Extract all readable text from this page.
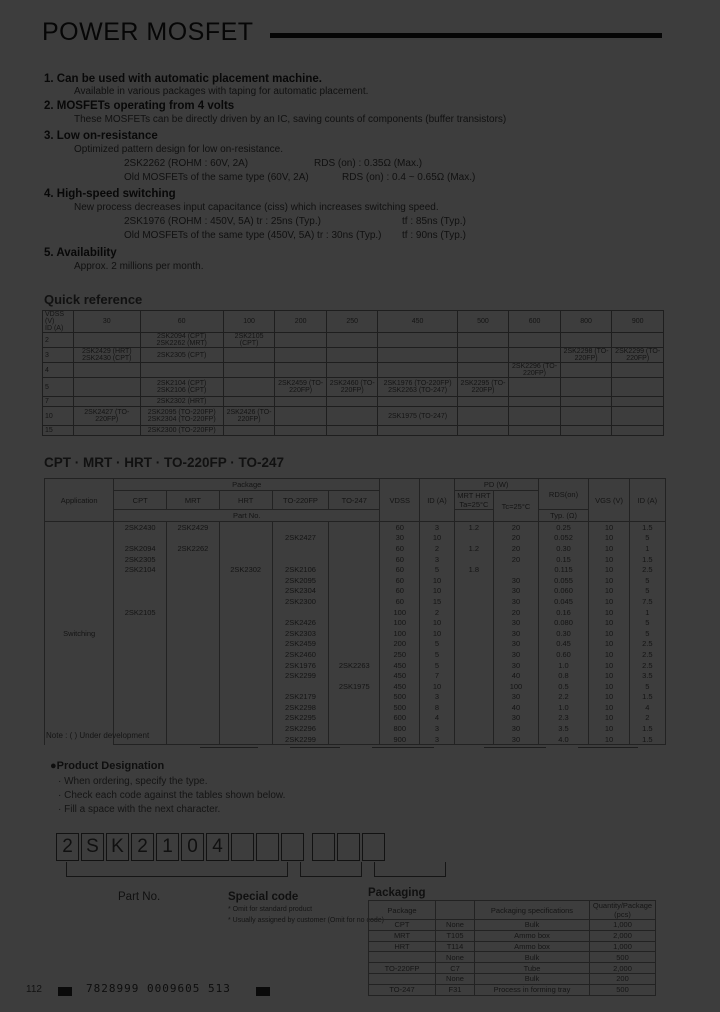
POWER MOSFET
1. Can be used with automatic placement machine.
Available in various packages with taping for automatic placement.
2. MOSFETs operating from 4 volts
These MOSFETs can be directly driven by an IC, saving counts of components (buffer transistors)
3. Low on-resistance
Optimized pattern design for low on-resistance.
2SK2262 (ROHM : 60V, 2A)	RDS (on) : 0.35Ω (Max.)
Old MOSFETs of the same type (60V, 2A)	RDS (on) : 0.4 ~ 0.65Ω (Max.)
4. High-speed switching
New process decreases input capacitance (ciss) which increases switching speed.
2SK1976 (ROHM : 450V, 5A) tr : 25ns (Typ.)	tf : 85ns (Typ.)
Old MOSFETs of the same type (450V, 5A) tr : 30ns (Typ.) tf : 90ns (Typ.)
5. Availability
Approx. 2 millions per month.
Quick reference
VDSS (V)

ID (A)	30	60	100	200	250	450	500	600	800	900
2		2SK2094 (CPT) 2SK2262 (MRT)	2SK2105 (CPT)							
3	2SK2429 (HRT) 2SK2430 (CPT)	2SK2305 (CPT)							2SK2298 (TO-220FP)	2SK2299 (TO-220FP)
4								2SK2296 (TO-220FP)		
5		2SK2104 (CPT) 2SK2106 (CPT)		2SK2459 (TO-220FP)	2SK2460 (TO-220FP)	2SK1976 (TO-220FP) 2SK2263 (TO-247)	2SK2295 (TO-220FP)			
7		2SK2302 (HRT)								
10	2SK2427 (TO-220FP)	2SK2095 (TO-220FP) 2SK2304 (TO-220FP)	2SK2426 (TO-220FP)			2SK1975 (TO-247)				
15		2SK2300 (TO-220FP)								
CPT · MRT · HRT · TO-220FP · TO-247
Application	Package					VDSS	ID (A)	PD (W)		RDS(on)	VGS (V)	ID (A)
	CPT	MRT	HRT	TO-220FP	TO-247			MRT HRT
Ta=25°C	Tc=25°C			
	Part No.									Typ. (Ω)		
Switching	2SK2430	2SK2429				60	3	1.2	20	0.25	10	1.5
				2SK2427		30	10		20	0.052	10	5
	2SK2094	2SK2262				60	2	1.2	20	0.30	10	1
	2SK2305					60	3		20	0.15	10	1.5
	2SK2104		2SK2302	2SK2106		60	5	1.8		0.115	10	2.5
				2SK2095		60	10		30	0.055	10	5
				2SK2304		60	10		30	0.060	10	5
				2SK2300		60	15		30	0.045	10	7.5
	2SK2105					100	2		20	0.16	10	1
				2SK2426		100	10		30	0.080	10	5
				2SK2303		100	10		30	0.30	10	5
				2SK2459		200	5		30	0.45	10	2.5
				2SK2460		250	5		30	0.60	10	2.5
				2SK1976	2SK2263	450	5		30	1.0	10	2.5
				2SK2299		450	7		40	0.8	10	3.5
					2SK1975	450	10		100	0.5	10	5
				2SK2179		500	3		30	2.2	10	1.5
				2SK2298		500	8		40	1.0	10	4
				2SK2295		600	4		30	2.3	10	2
				2SK2296		800	3		30	3.5	10	1.5
				2SK2299		900	3		30	4.0	10	1.5
Note : ( ) Under development
●Product Designation
· When ordering, specify the type.
· Check each code against the tables shown below.
· Fill a space with the next character.
2 S K 2 1 0 4
Part No.	Special code
* Omit for standard product
* Usually assigned by customer (Omit for no code)
Packaging
Package		Packaging specifications	Quantity/Package (pcs)
CPT	None	Bulk	1,000
MRT	T105	Ammo box	2,000
HRT	T114	Ammo box	1,000
	None	Bulk	500
TO-220FP	C7	Tube	2,000
	None	Bulk	200
TO-247	F31	Process in forming tray	500
112	7828999 0009605 513
